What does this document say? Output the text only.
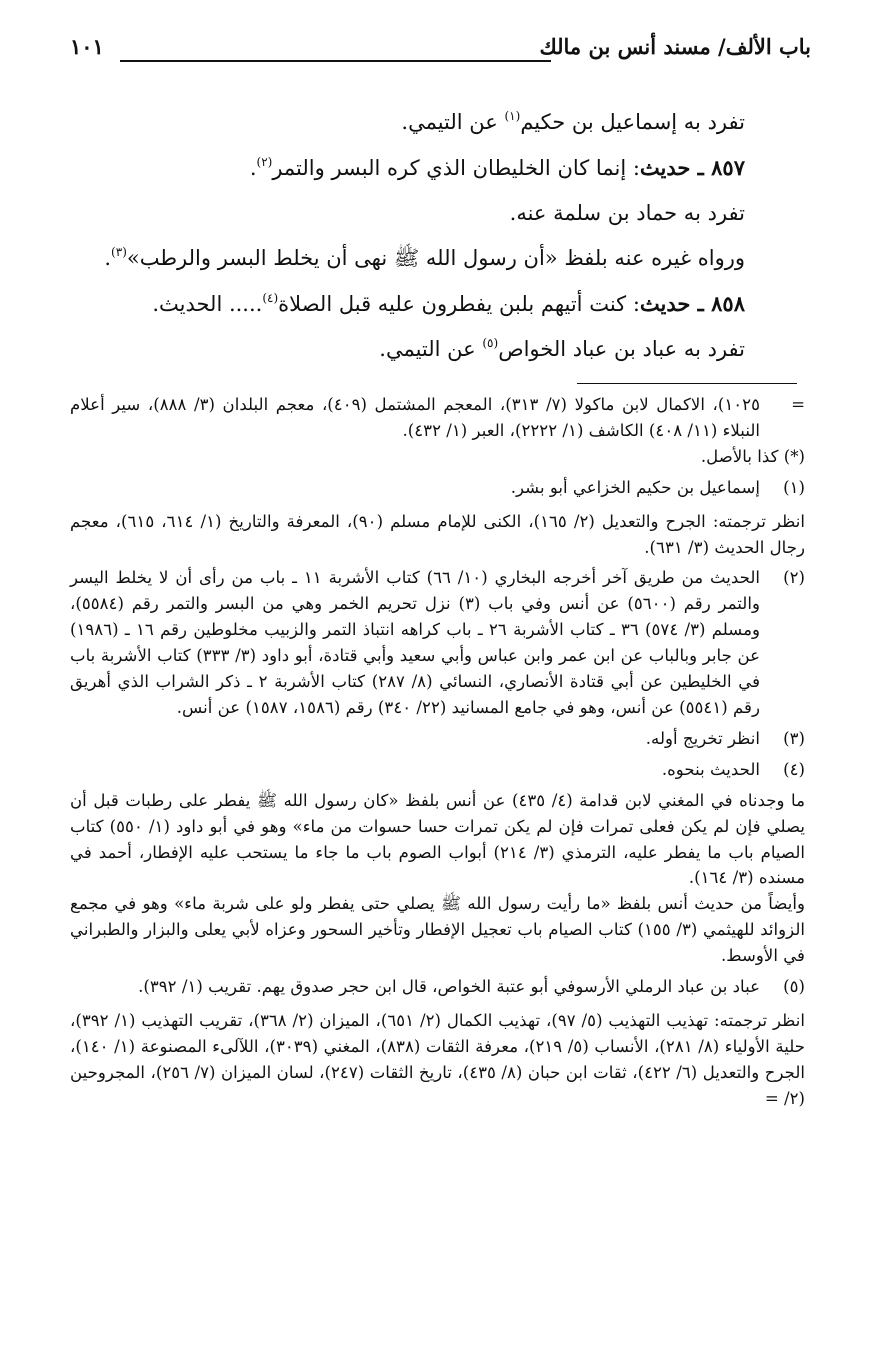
باب الألف/ مسند أنس بن مالك
١٠١

تفرد به إسماعيل بن حكيم$^{(١)}$ عن التيمي.

٨٥٧ ـ حديث: إنما كان الخليطان الذي كره البسر والتمر$^{(٢)}$.

تفرد به حماد بن سلمة عنه.

ورواه غيره عنه بلفظ «أن رسول الله ﷺ نهى أن يخلط البسر والرطب»$^{(٣)}$.

٨٥٨ ـ حديث: كنت أتيهم بلبن يفطرون عليه قبل الصلاة$^{(٤)}$..... الحديث.

تفرد به عباد بن عباد الخواص$^{(٥)}$ عن التيمي.

=
١٠٢٥)، الاكمال لابن ماكولا (٧/ ٣١٣)، المعجم المشتمل (٤٠٩)، معجم البلدان (٣/ ٨٨٨)، سير أعلام النبلاء (١١/ ٤٠٨) الكاشف (١/ ٢٢٢٢)، العبر (١/ ٤٣٢).
(*) كذا بالأصل.
(١)
إسماعيل بن حكيم الخزاعي أبو بشر.
انظر ترجمته: الجرح والتعديل (٢/ ١٦٥)، الكنى للإمام مسلم (٩٠)، المعرفة والتاريخ (١/ ٦١٤، ٦١٥)، معجم رجال الحديث (٣/ ٦٣١).
(٢)
الحديث من طريق آخر أخرجه البخاري (١٠/ ٦٦) كتاب الأشربة ١١ ـ باب من رأى أن لا يخلط اليسر والتمر رقم (٥٦٠٠) عن أنس وفي باب (٣) نزل تحريم الخمر وهي من البسر والتمر رقم (٥٥٨٤)، ومسلم (٣/ ٥٧٤) ٣٦ ـ كتاب الأشربة ٢٦ ـ باب كراهه انتباذ التمر والزبيب مخلوطين رقم ١٦ ـ (١٩٨٦) عن جابر وبالباب عن ابن عمر وابن عباس وأبي سعيد وأبي قتادة، أبو داود (٣/ ٣٣٣) كتاب الأشربة باب في الخليطين عن أبي قتادة الأنصاري، النسائي (٨/ ٢٨٧) كتاب الأشربة ٢ ـ ذكر الشراب الذي أهريق رقم (٥٥٤١) عن أنس، وهو في جامع المسانيد (٢٢/ ٣٤٠) رقم (١٥٨٦، ١٥٨٧) عن أنس.
(٣)
انظر تخريج أوله.
(٤)
الحديث بنحوه.
ما وجدناه في المغني لابن قدامة (٤/ ٤٣٥) عن أنس بلفظ «كان رسول الله ﷺ يفطر على رطبات قبل أن يصلي فإن لم يكن فعلى تمرات فإن لم يكن تمرات حسا حسوات من ماء» وهو في أبو داود (١/ ٥٥٠) كتاب الصيام باب ما يفطر عليه، الترمذي (٣/ ٢١٤) أبواب الصوم باب ما جاء ما يستحب عليه الإفطار، أحمد في مسنده (٣/ ١٦٤).
وأيضاً من حديث أنس بلفظ «ما رأيت رسول الله ﷺ يصلي حتى يفطر ولو على شربة ماء» وهو في مجمع الزوائد للهيثمي (٣/ ١٥٥) كتاب الصيام باب تعجيل الإفطار وتأخير السحور وعزاه لأبي يعلى والبزار والطبراني في الأوسط.
(٥)
عباد بن عباد الرملي الأرسوفي أبو عتبة الخواص، قال ابن حجر صدوق يهم. تقريب (١/ ٣٩٢).
انظر ترجمته: تهذيب التهذيب (٥/ ٩٧)، تهذيب الكمال (٢/ ٦٥١)، الميزان (٢/ ٣٦٨)، تقريب التهذيب (١/ ٣٩٢)، حلية الأولياء (٨/ ٢٨١)، الأنساب (٥/ ٢١٩)، معرفة الثقات (٨٣٨)، المغني (٣٠٣٩)، اللآلىء المصنوعة (١/ ١٤٠)، الجرح والتعديل (٦/ ٤٢٢)، ثقات ابن حبان (٨/ ٤٣٥)، تاريخ الثقات (٢٤٧)، لسان الميزان (٧/ ٢٥٦)، المجروحين (٢/ =
